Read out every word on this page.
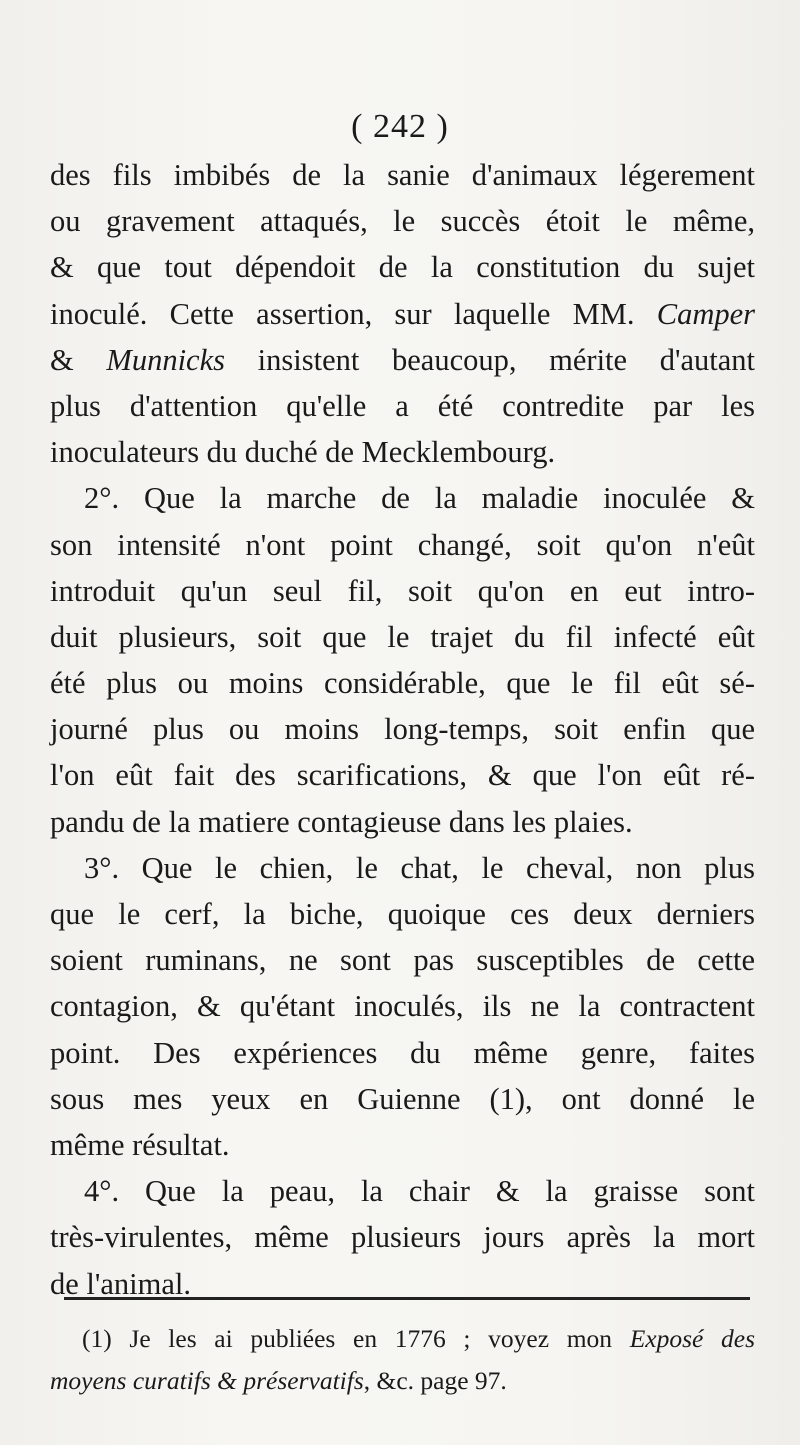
( 242 )
des fils imbibés de la sanie d'animaux légerement
ou gravement attaqués, le succès étoit le même,
& que tout dépendoit de la constitution du sujet
inoculé. Cette assertion, sur laquelle MM. Camper
& Munnicks insistent beaucoup, mérite d'autant
plus d'attention qu'elle a été contredite par les
inoculateurs du duché de Mecklembourg.
2°. Que la marche de la maladie inoculée &
son intensité n'ont point changé, soit qu'on n'eût
introduit qu'un seul fil, soit qu'on en eut intro-
duit plusieurs, soit que le trajet du fil infecté eût
été plus ou moins considérable, que le fil eût sé-
journé plus ou moins long-temps, soit enfin que
l'on eût fait des scarifications, & que l'on eût ré-
pandu de la matiere contagieuse dans les plaies.
3°. Que le chien, le chat, le cheval, non plus
que le cerf, la biche, quoique ces deux derniers
soient ruminans, ne sont pas susceptibles de cette
contagion, & qu'étant inoculés, ils ne la contractent
point. Des expériences du même genre, faites
sous mes yeux en Guienne (1), ont donné le
même résultat.
4°. Que la peau, la chair & la graisse sont
très-virulentes, même plusieurs jours après la mort
de l'animal.
(1) Je les ai publiées en 1776 ; voyez mon Exposé des
moyens curatifs & préservatifs, &c. page 97.
